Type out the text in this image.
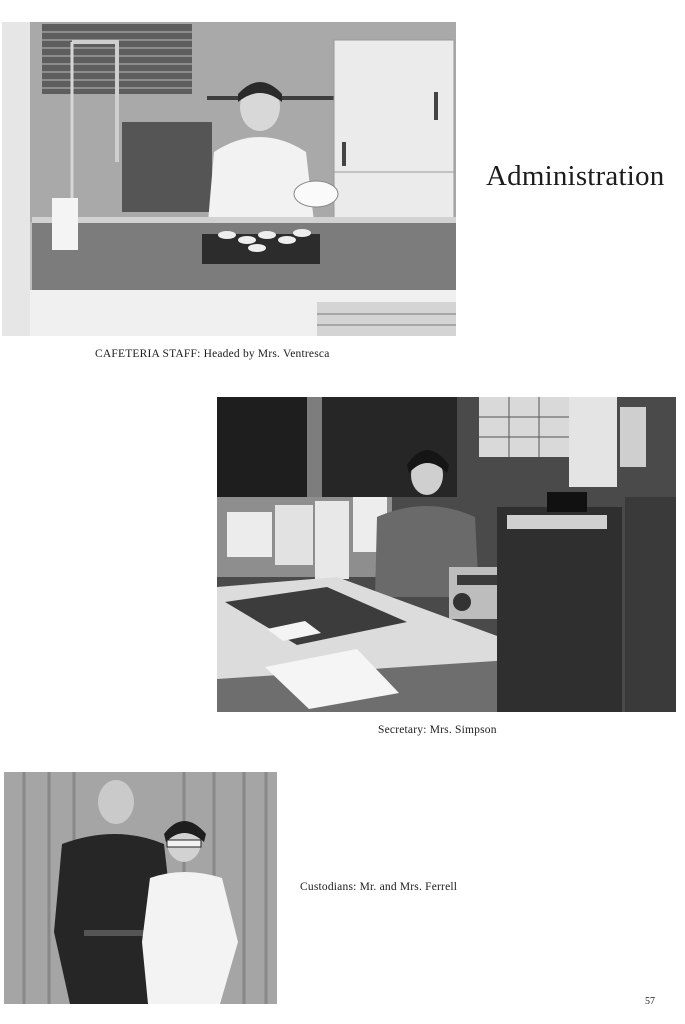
Administration
CAFETERIA STAFF: Headed by Mrs. Ventresca
Secretary: Mrs. Simpson
Custodians: Mr. and Mrs. Ferrell
57
